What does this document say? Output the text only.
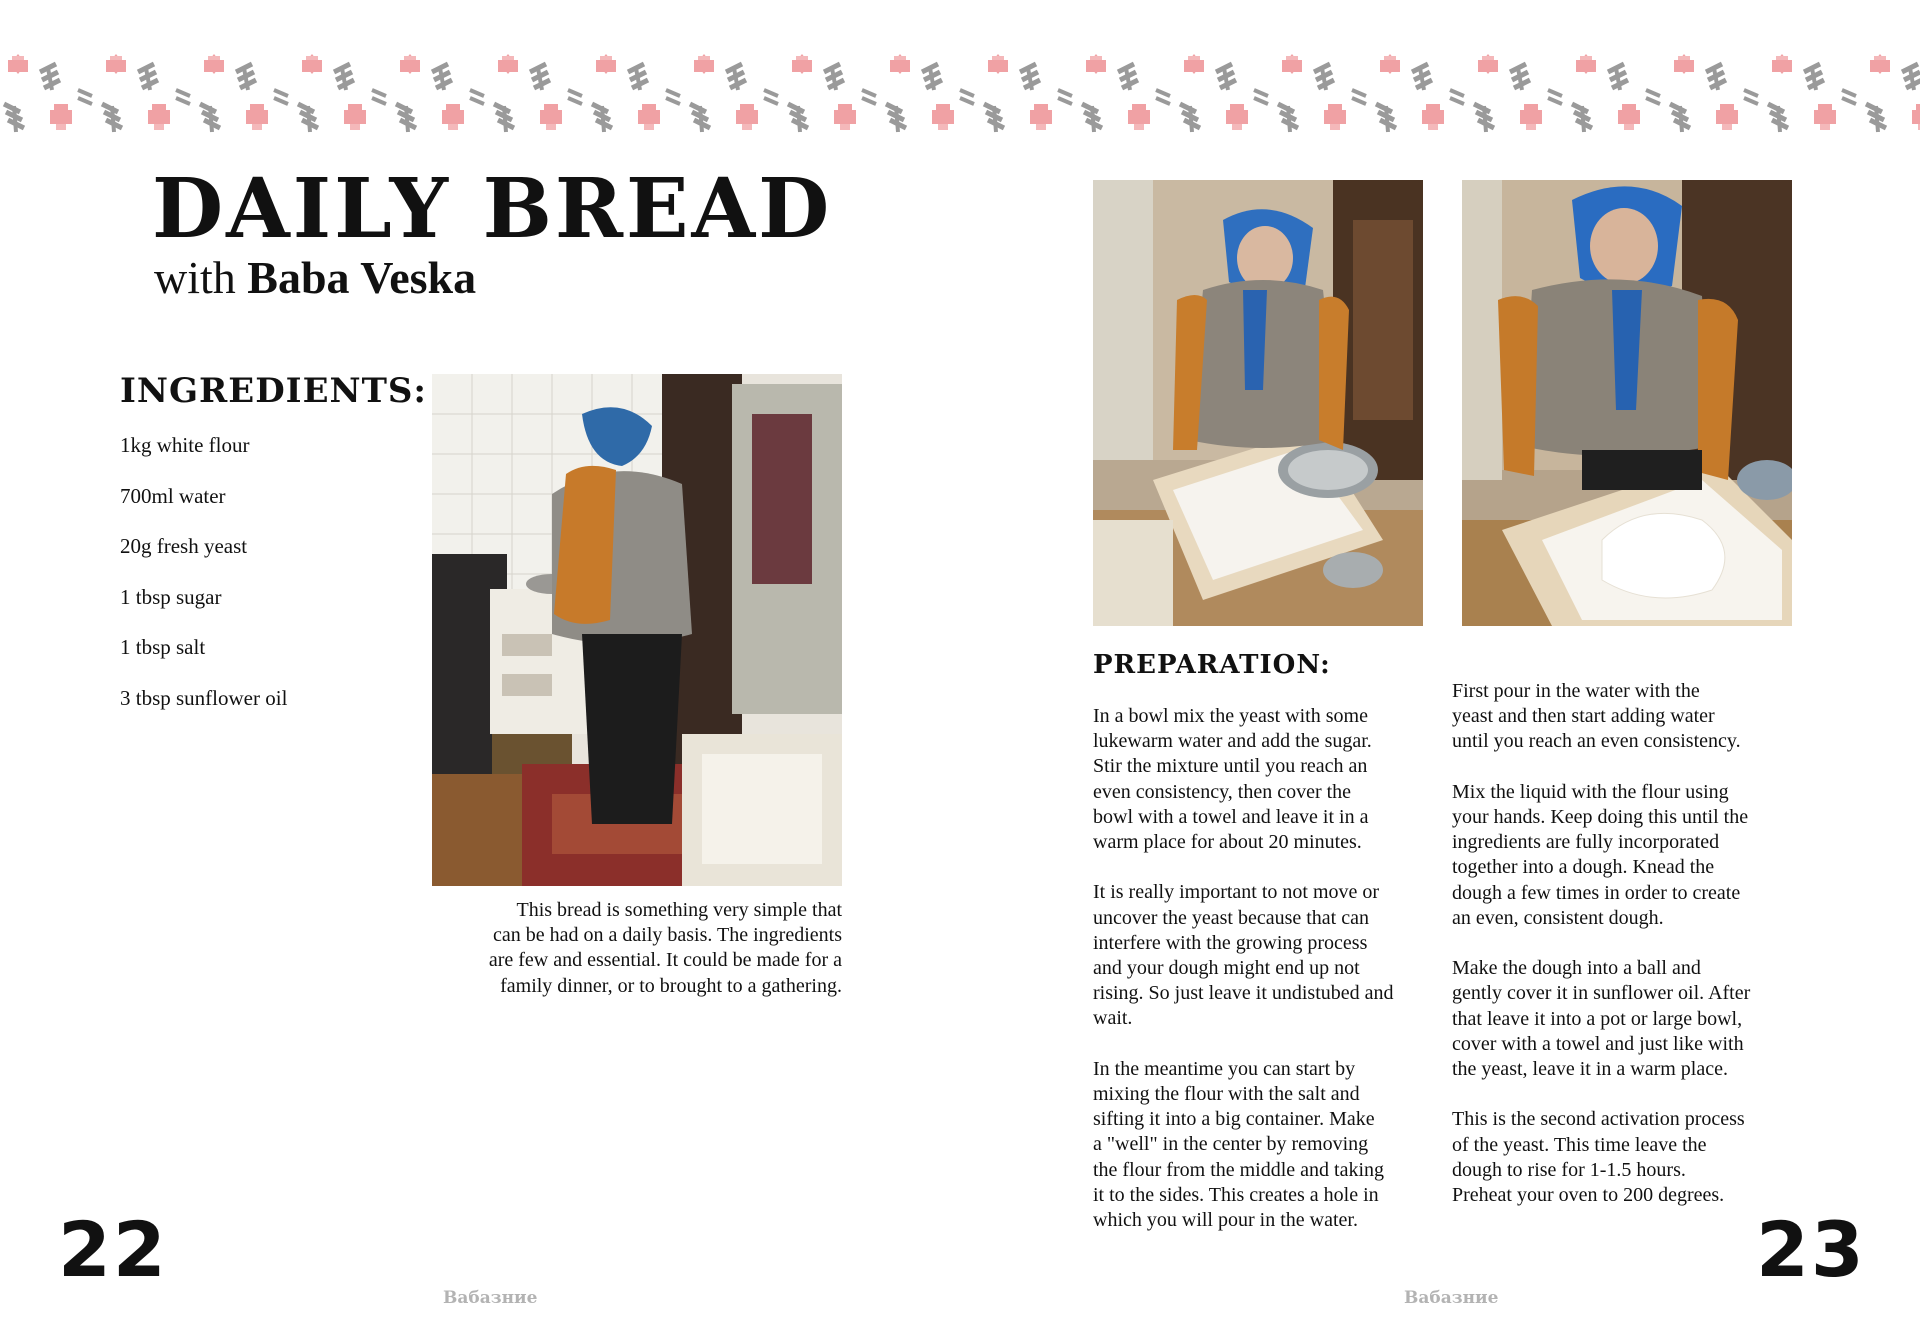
DAILY BREAD
with Baba Veska
INGREDIENTS:
1kg white flour
700ml water
20g fresh yeast
1 tbsp sugar
1 tbsp salt
3 tbsp sunflower oil
This bread is something very simple that
can be had on a daily basis. The ingredients
are few and essential. It could be made for a
family dinner, or to brought to a gathering.
PREPARATION:

In a bowl mix the yeast with some
lukewarm water and add the sugar.
Stir the mixture until you reach an
even consistency, then cover the
bowl with a towel and leave it in a
warm place for about 20 minutes.

It is really important to not move or
uncover the yeast because that can
interfere with the growing process
and your dough might end up not
rising. So just leave it undistubed and
wait.

In the meantime you can start by
mixing the flour with the salt and
sifting it into a big container. Make
a "well" in the center by removing
the flour from the middle and taking
it to the sides. This creates a hole in
which you will pour in the water.

First pour in the water with the
yeast and then start adding water
until you reach an even consistency.

Mix the liquid with the flour using
your hands. Keep doing this until the
ingredients are fully incorporated
together into a dough. Knead the
dough a few times in order to create
an even, consistent dough.

Make the dough into a ball and
gently cover it in sunflower oil. After
that leave it into a pot or large bowl,
cover with a towel and just like with
the yeast, leave it in a warm place.

This is the second activation process
of the yeast. This time leave the
dough to rise for 1-1.5 hours.
Preheat your oven to 200 degrees.

22	23
Вабазние	Вабазние
